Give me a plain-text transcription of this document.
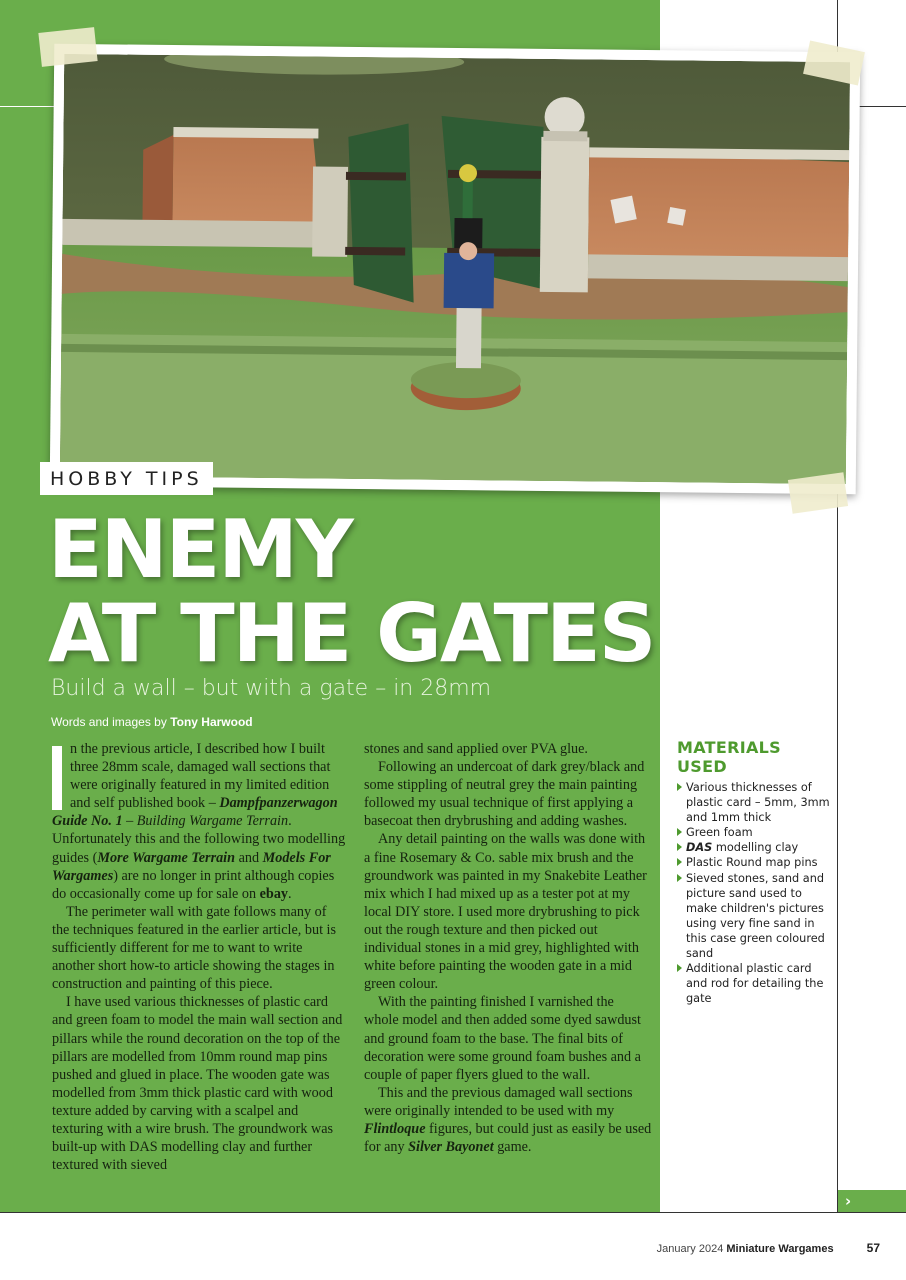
HOBBY TIPS
ENEMY
AT THE GATES
Build a wall – but with a gate – in 28mm
Words and images by Tony Harwood

n the previous article, I described how I built three 28mm scale, damaged wall sections that were originally featured in my limited edition and self published book – Dampfpanzerwagon Guide No. 1 – Building Wargame Terrain. Unfortunately this and the following two modelling guides (More Wargame Terrain and Models For Wargames) are no longer in print although copies do occasionally come up for sale on ebay.

The perimeter wall with gate follows many of the techniques featured in the earlier article, but is sufficiently different for me to want to write another short how-to article showing the stages in construction and painting of this piece.

I have used various thicknesses of plastic card and green foam to model the main wall section and pillars while the round decoration on the top of the pillars are modelled from 10mm round map pins pushed and glued in place. The wooden gate was modelled from 3mm thick plastic card with wood texture added by carving with a scalpel and texturing with a wire brush. The groundwork was built-up with DAS modelling clay and further textured with sieved

stones and sand applied over PVA glue.

Following an undercoat of dark grey/black and some stippling of neutral grey the main painting followed my usual technique of first applying a basecoat then drybrushing and adding washes.

Any detail painting on the walls was done with a fine Rosemary & Co. sable mix brush and the groundwork was painted in my Snakebite Leather mix which I had mixed up as a tester pot at my local DIY store. I used more drybrushing to pick out the rough texture and then picked out individual stones in a mid grey, highlighted with white before painting the wooden gate in a mid green colour.

With the painting finished I varnished the whole model and then added some dyed sawdust and ground foam to the base. The final bits of decoration were some ground foam bushes and a couple of paper flyers glued to the wall.

This and the previous damaged wall sections were originally intended to be used with my Flintloque figures, but could just as easily be used for any Silver Bayonet game.

MATERIALS USED
Various thicknesses of plastic card – 5mm, 3mm and 1mm thick
Green foam
DAS modelling clay
Plastic Round map pins
Sieved stones, sand and picture sand used to make children's pictures using very fine sand in this case green coloured sand
Additional plastic card and rod for detailing the gate
›
January 2024 Miniature Wargames	57
